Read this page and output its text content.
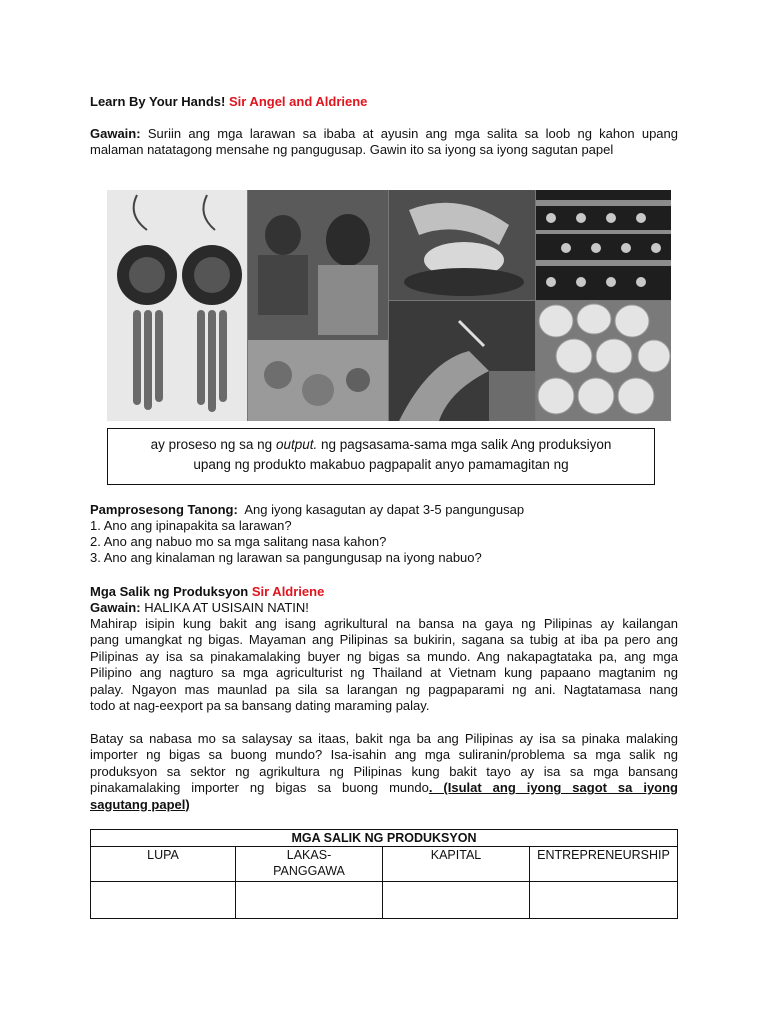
Learn By Your Hands! Sir Angel and Aldriene
Gawain: Suriin ang mga larawan sa ibaba at ayusin ang mga salita sa loob ng kahon upang
malaman natatagong mensahe ng pangugusap. Gawin ito sa iyong sa iyong sagutan papel
ay proseso ng sa ng output. ng pagsasama-sama mga salik Ang produksiyon
upang ng produkto makabuo pagpapalit anyo pamamagitan ng
Pamprosesong Tanong: Ang iyong kasagutan ay dapat 3-5 pangungusap
1. Ano ang ipinapakita sa larawan?
2. Ano ang nabuo mo sa mga salitang nasa kahon?
3. Ano ang kinalaman ng larawan sa pangungusap na iyong nabuo?
Mga Salik ng Produksyon Sir Aldriene
Gawain: HALIKA AT USISAIN NATIN!
Mahirap isipin kung bakit ang isang agrikultural na bansa na gaya ng Pilipinas ay kailangan
pang umangkat ng bigas. Mayaman ang Pilipinas sa bukirin, sagana sa tubig at iba pa pero ang
Pilipinas ay isa sa pinakamalaking buyer ng bigas sa mundo. Ang nakapagtataka pa, ang mga
Pilipino ang nagturo sa mga agriculturist ng Thailand at Vietnam kung papaano magtanim ng
palay. Ngayon mas maunlad pa sila sa larangan ng pagpaparami ng ani. Nagtatamasa nang
todo at nag-eexport pa sa bansang dating maraming palay.
Batay sa nabasa mo sa salaysay sa itaas, bakit nga ba ang Pilipinas ay isa sa pinaka malaking
importer ng bigas sa buong mundo? Isa-isahin ang mga suliranin/problema sa mga salik ng
produksyon sa sektor ng agrikultura ng Pilipinas kung bakit tayo ay isa sa mga bansang
pinakamalaking importer ng bigas sa buong mundo. (Isulat ang iyong sagot sa iyong
sagutang papel)
MGA SALIK NG PRODUKSYON			
LUPA	LAKAS-
PANGGAWA	KAPITAL	ENTREPRENEURSHIP
